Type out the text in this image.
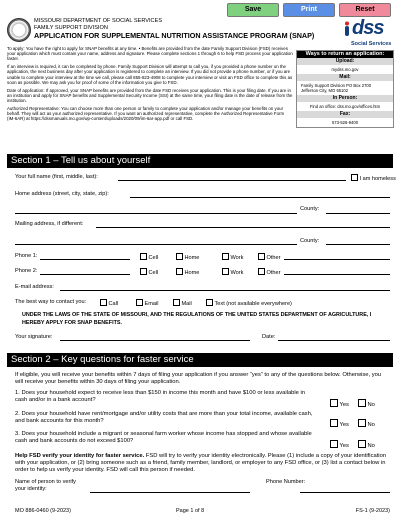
Save	Print	Reset
MISSOURI DEPARTMENT OF SOCIAL SERVICES
FAMILY SUPPORT DIVISION
APPLICATION FOR SUPPLEMENTAL NUTRITION ASSISTANCE PROGRAM (SNAP) dss
Social Services

To apply: You have the right to apply for SNAP benefits at any time. • Benefits are provided from the date Family Support Division (FSD) receives your application which must contain your name, address and signature. Please complete sections 1 through 6 to help FSD process your application faster.

If an interview is required, it can be completed by phone. Family Support Division will attempt to call you, if you provided a phone number on the application, the next business day after your application is registered to complete an interview. If you did not provide a phone number, or if you are unable to complete your interview at the time we call, please call 855-823-4908 to complete your interview or visit an FSD office to complete this as soon as possible. We may ask you for proof of some of the information you give to FSD.

Date of application: If approved, your SNAP benefits are provided from the date FSD receives your application. This is your filing date. If you are in an institution and apply for SNAP benefits and Supplemental Security Income (SSI) at the same time, your filing date is the date of release from the institution.

Authorized Representative: You can choose more than one person or family to complete your application and/or manage your benefits on your behalf. They will act as your authorized representative. If you want an authorized representative, complete the Authorized Representative Form (IM-6AR) at https://dssmanuals.mo.gov/wp-content/uploads/2020/09/im-6ar-app.pdf or call FSD.

Ways to return an application:
Upload:
mydss.mo.gov
Mail:
Family Support Division PO Box 2700 Jefferson City, MO 65102
In Person:
Find an office: dss.mo.gov/offices.htm
Fax:
573-526-9400
Section 1 – Tell us about yourself
Your full name (first, middle, last):	I am homeless
Home address (street, city, state, zip):
County:
Mailing address, if different:
County:
Phone 1:	Cell	Home	Work	Other
Phone 2:	Cell	Home	Work	Other
E-mail address:
The best way to contact you:	Call	Email	Mail	Text (not available everywhere)
UNDER THE LAWS OF THE STATE OF MISSOURI, AND THE REGULATIONS OF THE UNITED STATES DEPARTMENT OF AGRICULTURE, I HEREBY APPLY FOR SNAP BENEFITS.
Your signature:	Date:
Section 2 – Key questions for faster service
If eligible, you will receive your benefits within 7 days of filing your application if you answer “yes” to any of the questions below. Otherwise, you will receive your benefits within 30 days of filing your application.
1. Does your household expect to receive less than $150 in income this month and have $100 or less available in cash and/or in a bank account?
Yes	No
2. Does your household have rent/mortgage and/or utility costs that are more than your total income, available cash, and bank accounts for this month?
Yes	No
3. Does your household include a migrant or seasonal farm worker whose income has stopped and whose available cash and bank accounts do not exceed $100?
Yes	No
Help FSD verify your identity for faster service. FSD will try to verify your identity electronically. Please (1) include a copy of your identification with your application, or (2) bring someone such as a friend, family member, landlord, or employer to any FSD office, or (3) list a contact below in order to help us verify your identity. FSD will call this person if needed.
Name of person to verify your identity:
Phone Number:
MO 886-0460 (9-2023)	Page 1 of 8	FS-1 (9-2023)
